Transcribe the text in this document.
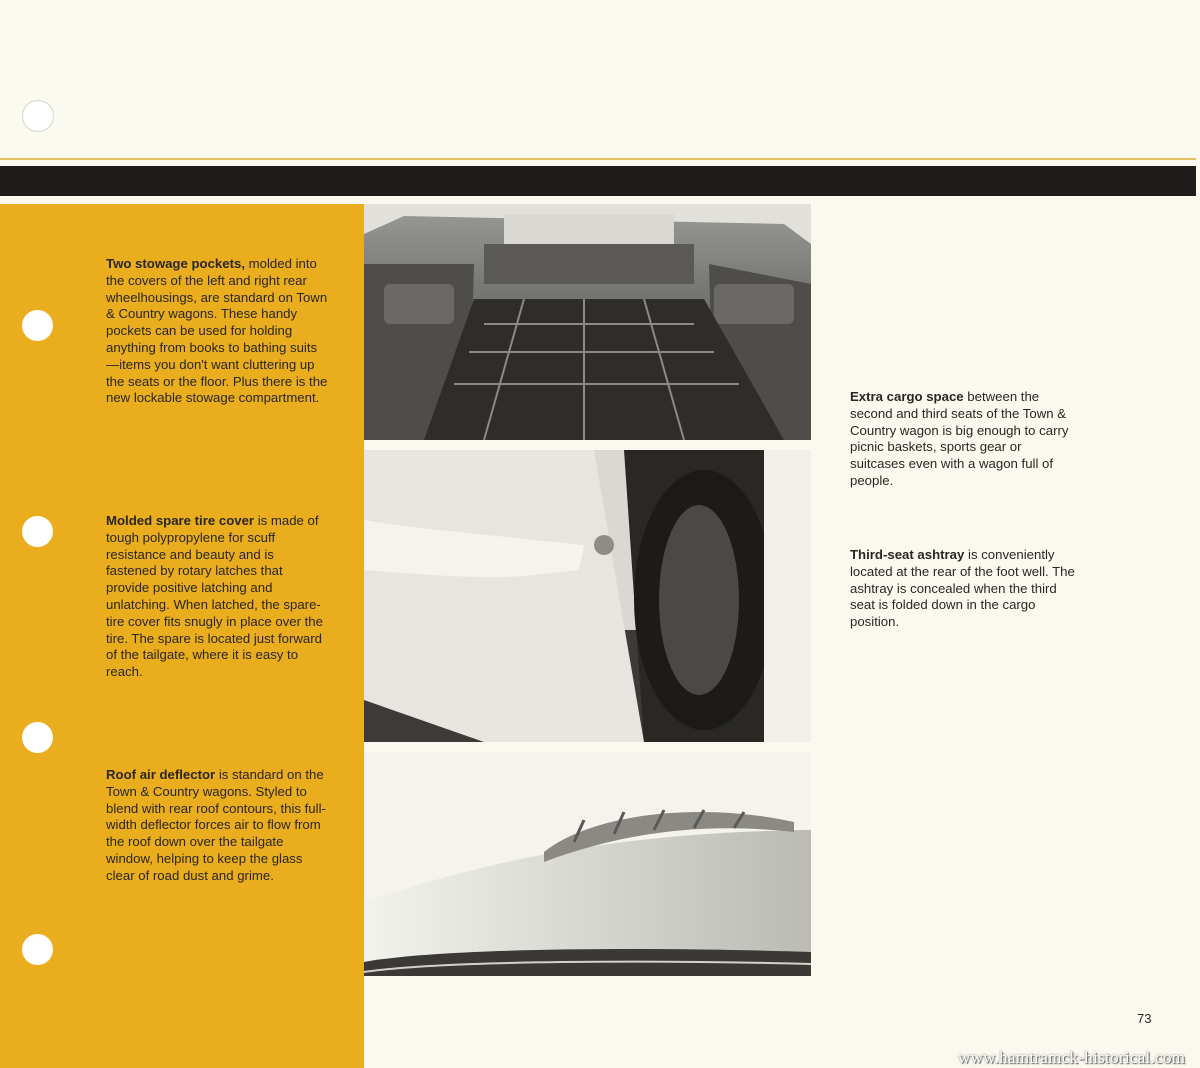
Two stowage pockets, molded into the covers of the left and right rear wheelhousings, are standard on Town & Country wagons. These handy pockets can be used for holding anything from books to bathing suits —items you don't want cluttering up the seats or the floor. Plus there is the new lockable stowage compartment.

Molded spare tire cover is made of tough polypropylene for scuff resistance and beauty and is fastened by rotary latches that provide positive latching and unlatching. When latched, the spare-tire cover fits snugly in place over the tire. The spare is located just forward of the tailgate, where it is easy to reach.

Roof air deflector is standard on the Town & Country wagons. Styled to blend with rear roof contours, this full-width deflector forces air to flow from the roof down over the tailgate window, helping to keep the glass clear of road dust and grime.

Extra cargo space between the second and third seats of the Town & Country wagon is big enough to carry picnic baskets, sports gear or suitcases even with a wagon full of people.

Third-seat ashtray is conveniently located at the rear of the foot well. The ashtray is concealed when the third seat is folded down in the cargo position.

73
www.hamtramck-historical.com
